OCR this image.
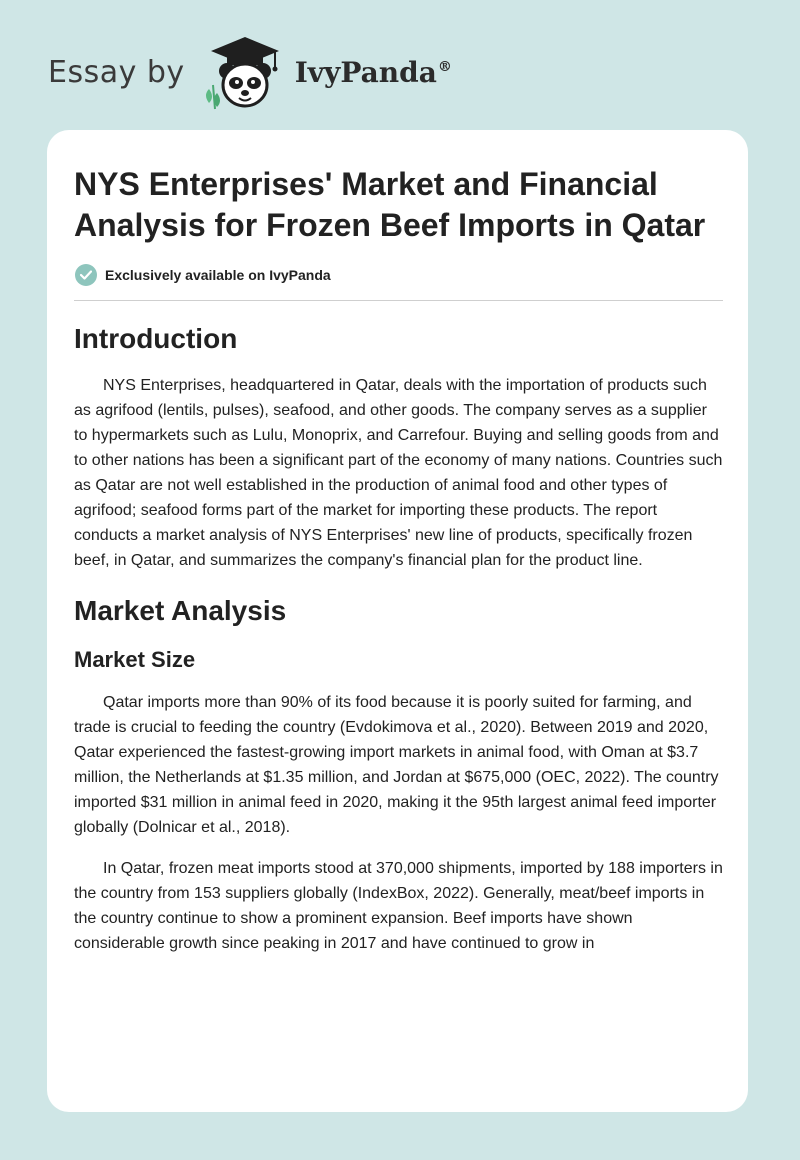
Essay by	IvyPanda®
NYS Enterprises' Market and Financial Analysis for Frozen Beef Imports in Qatar
Exclusively available on IvyPanda
Introduction

NYS Enterprises, headquartered in Qatar, deals with the importation of products such as agrifood (lentils, pulses), seafood, and other goods. The company serves as a supplier to hypermarkets such as Lulu, Monoprix, and Carrefour. Buying and selling goods from and to other nations has been a significant part of the economy of many nations. Countries such as Qatar are not well established in the production of animal food and other types of agrifood; seafood forms part of the market for importing these products. The report conducts a market analysis of NYS Enterprises' new line of products, specifically frozen beef, in Qatar, and summarizes the company's financial plan for the product line.

Market Analysis
Market Size

Qatar imports more than 90% of its food because it is poorly suited for farming, and trade is crucial to feeding the country (Evdokimova et al., 2020). Between 2019 and 2020, Qatar experienced the fastest-growing import markets in animal food, with Oman at $3.7 million, the Netherlands at $1.35 million, and Jordan at $675,000 (OEC, 2022). The country imported $31 million in animal feed in 2020, making it the 95th largest animal feed importer globally (Dolnicar et al., 2018).

In Qatar, frozen meat imports stood at 370,000 shipments, imported by 188 importers in the country from 153 suppliers globally (IndexBox, 2022). Generally, meat/beef imports in the country continue to show a prominent expansion. Beef imports have shown considerable growth since peaking in 2017 and have continued to grow in
